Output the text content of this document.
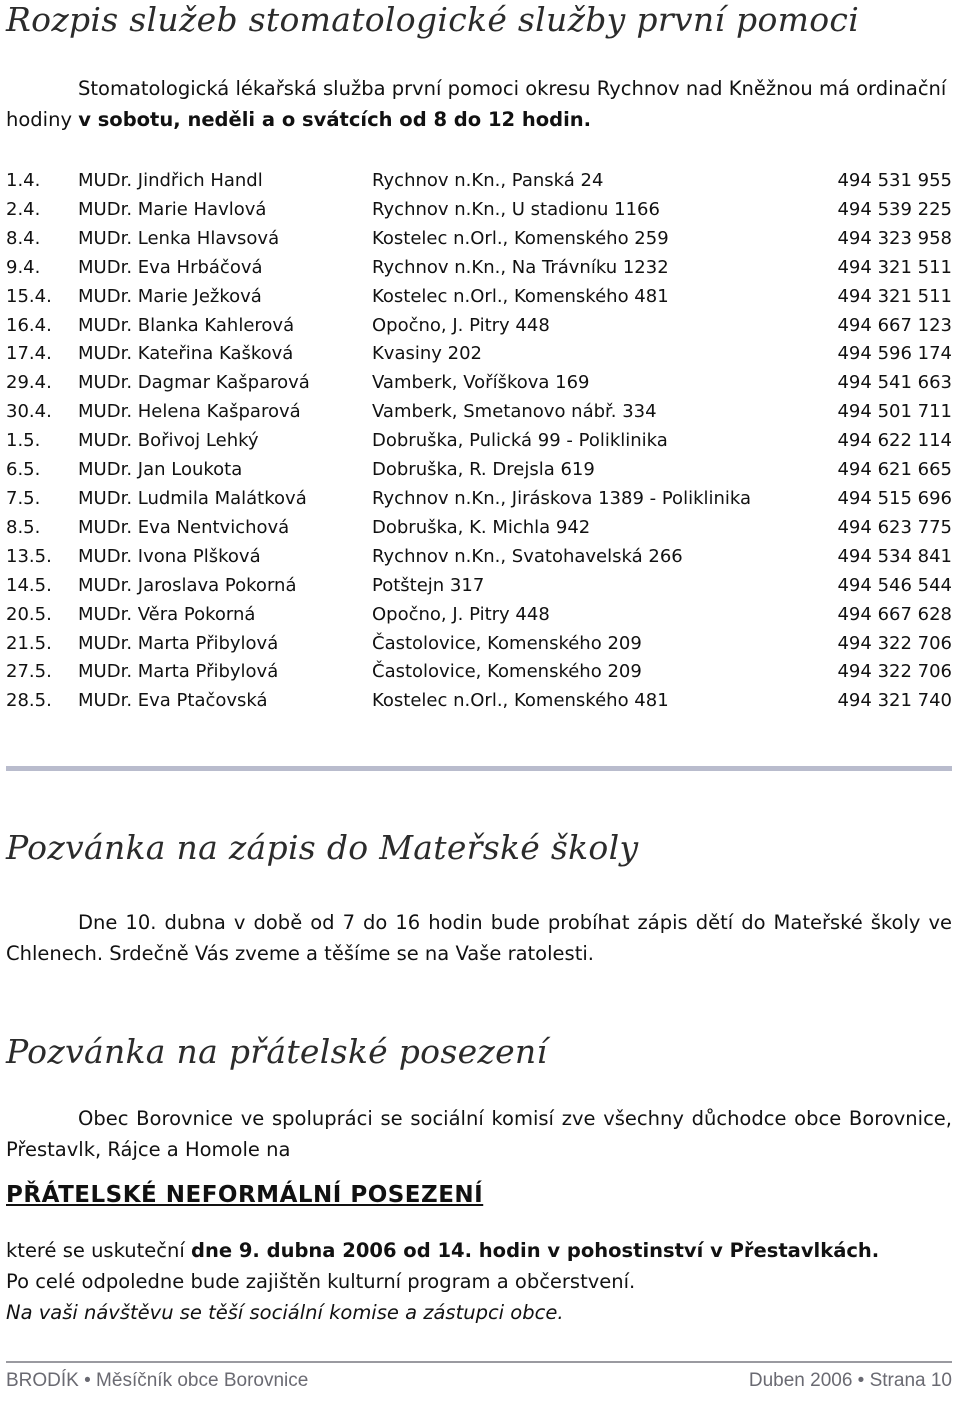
Rozpis služeb stomatologické služby první pomoci

Stomatologická lékařská služba první pomoci okresu Rychnov nad Kněžnou má ordinační hodiny v sobotu, neděli a o svátcích od 8 do 12 hodin.

1.4.	MUDr. Jindřich Handl	Rychnov n.Kn., Panská 24	494 531 955
2.4.	MUDr. Marie Havlová	Rychnov n.Kn., U stadionu 1166	494 539 225
8.4.	MUDr. Lenka Hlavsová	Kostelec n.Orl., Komenského 259	494 323 958
9.4.	MUDr. Eva Hrbáčová	Rychnov n.Kn., Na Trávníku 1232	494 321 511
15.4.	MUDr. Marie Ježková	Kostelec n.Orl., Komenského 481	494 321 511
16.4.	MUDr. Blanka Kahlerová	Opočno, J. Pitry 448	494 667 123
17.4.	MUDr. Kateřina Kašková	Kvasiny 202	494 596 174
29.4.	MUDr. Dagmar Kašparová	Vamberk, Voříškova 169	494 541 663
30.4.	MUDr. Helena Kašparová	Vamberk, Smetanovo nábř. 334	494 501 711
1.5.	MUDr. Bořivoj Lehký	Dobruška, Pulická 99 - Poliklinika	494 622 114
6.5.	MUDr. Jan Loukota	Dobruška, R. Drejsla 619	494 621 665
7.5.	MUDr. Ludmila Malátková	Rychnov n.Kn., Jiráskova 1389 - Poliklinika	494 515 696
8.5.	MUDr. Eva Nentvichová	Dobruška, K. Michla 942	494 623 775
13.5.	MUDr. Ivona Plšková	Rychnov n.Kn., Svatohavelská 266	494 534 841
14.5.	MUDr. Jaroslava Pokorná	Potštejn 317	494 546 544
20.5.	MUDr. Věra Pokorná	Opočno, J. Pitry 448	494 667 628
21.5.	MUDr. Marta Přibylová	Častolovice, Komenského 209	494 322 706
27.5.	MUDr. Marta Přibylová	Častolovice, Komenského 209	494 322 706
28.5.	MUDr. Eva Ptačovská	Kostelec n.Orl., Komenského 481	494 321 740
Pozvánka na zápis do Mateřské školy

Dne 10. dubna v době od 7 do 16 hodin bude probíhat zápis dětí do Mateřské školy ve Chlenech. Srdečně Vás zveme a těšíme se na Vaše ratolesti.

Pozvánka na přátelské posezení

Obec Borovnice ve spolupráci se sociální komisí zve všechny důchodce obce Borovnice, Přestavlk, Rájce a Homole na

PŘÁTELSKÉ NEFORMÁLNÍ POSEZENÍ

které se uskuteční dne 9. dubna 2006 od 14. hodin v pohostinství v Přestavlkách.

Po celé odpoledne bude zajištěn kulturní program a občerstvení.

Na vaši návštěvu se těší sociální komise a zástupci obce.

BRODÍK • Měsíčník obce Borovnice	Duben 2006 • Strana 10
